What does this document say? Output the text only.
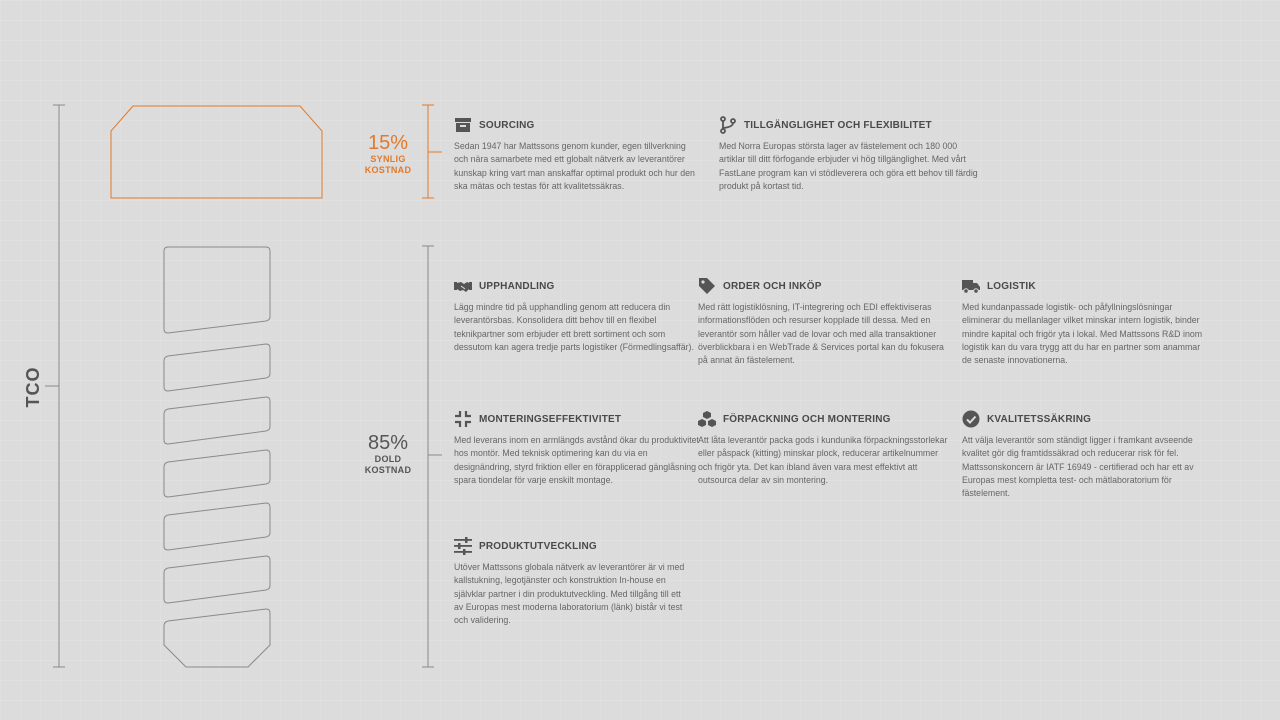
TCO
15%
SYNLIG
KOSTNAD
85%
DOLD
KOSTNAD
SOURCING
Sedan 1947 har Mattssons genom kunder, egen tillverkning och nära samarbete med ett globalt nätverk av leverantörer kunskap kring vart man anskaffar optimal produkt och hur den ska mätas och testas för att kvalitetssäkras.
TILLGÄNGLIGHET OCH FLEXIBILITET
Med Norra Europas största lager av fästelement och 180 000 artiklar till ditt förfogande erbjuder vi hög tillgänglighet. Med vårt FastLane program kan vi stödleverera och göra ett behov till färdig produkt på kortast tid.
UPPHANDLING
Lägg mindre tid på upphandling genom att reducera din leverantörsbas. Konsolidera ditt behov till en flexibel teknikpartner som erbjuder ett brett sortiment och som dessutom kan agera tredje parts logistiker (Förmedlingsaffär).
ORDER OCH INKÖP
Med rätt logistiklösning, IT-integrering och EDI effektiviseras informationsflöden och resurser kopplade till dessa. Med en leverantör som håller vad de lovar och med alla transaktioner överblickbara i en WebTrade & Services portal kan du fokusera på annat än fästelement.
LOGISTIK
Med kundanpassade logistik- och påfyllningslösningar eliminerar du mellanlager vilket minskar intern logistik, binder mindre kapital och frigör yta i lokal. Med Mattssons R&D inom logistik kan du vara trygg att du har en partner som anammar de senaste innovationerna.
MONTERINGSEFFEKTIVITET
Med leverans inom en armlängds avstånd ökar du produktivitet hos montör. Med teknisk optimering kan du via en designändring, styrd friktion eller en förapplicerad gänglåsning spara tiondelar för varje enskilt montage.
FÖRPACKNING OCH MONTERING
Att låta leverantör packa gods i kundunika förpackningsstorlekar eller påspack (kitting) minskar plock, reducerar artikelnummer och frigör yta. Det kan ibland även vara mest effektivt att outsourca delar av sin montering.
KVALITETSSÄKRING
Att välja leverantör som ständigt ligger i framkant avseende kvalitet gör dig framtidssäkrad och reducerar risk för fel. Mattssonskoncern är IATF 16949 - certifierad och har ett av Europas mest kompletta test- och mätlaboratorium för fästelement.
PRODUKTUTVECKLING
Utöver Mattssons globala nätverk av leverantörer är vi med kallstukning, legotjänster och konstruktion In-house en självklar partner i din produktutveckling. Med tillgång till ett av Europas mest moderna laboratorium (länk) bistår vi test och validering.
